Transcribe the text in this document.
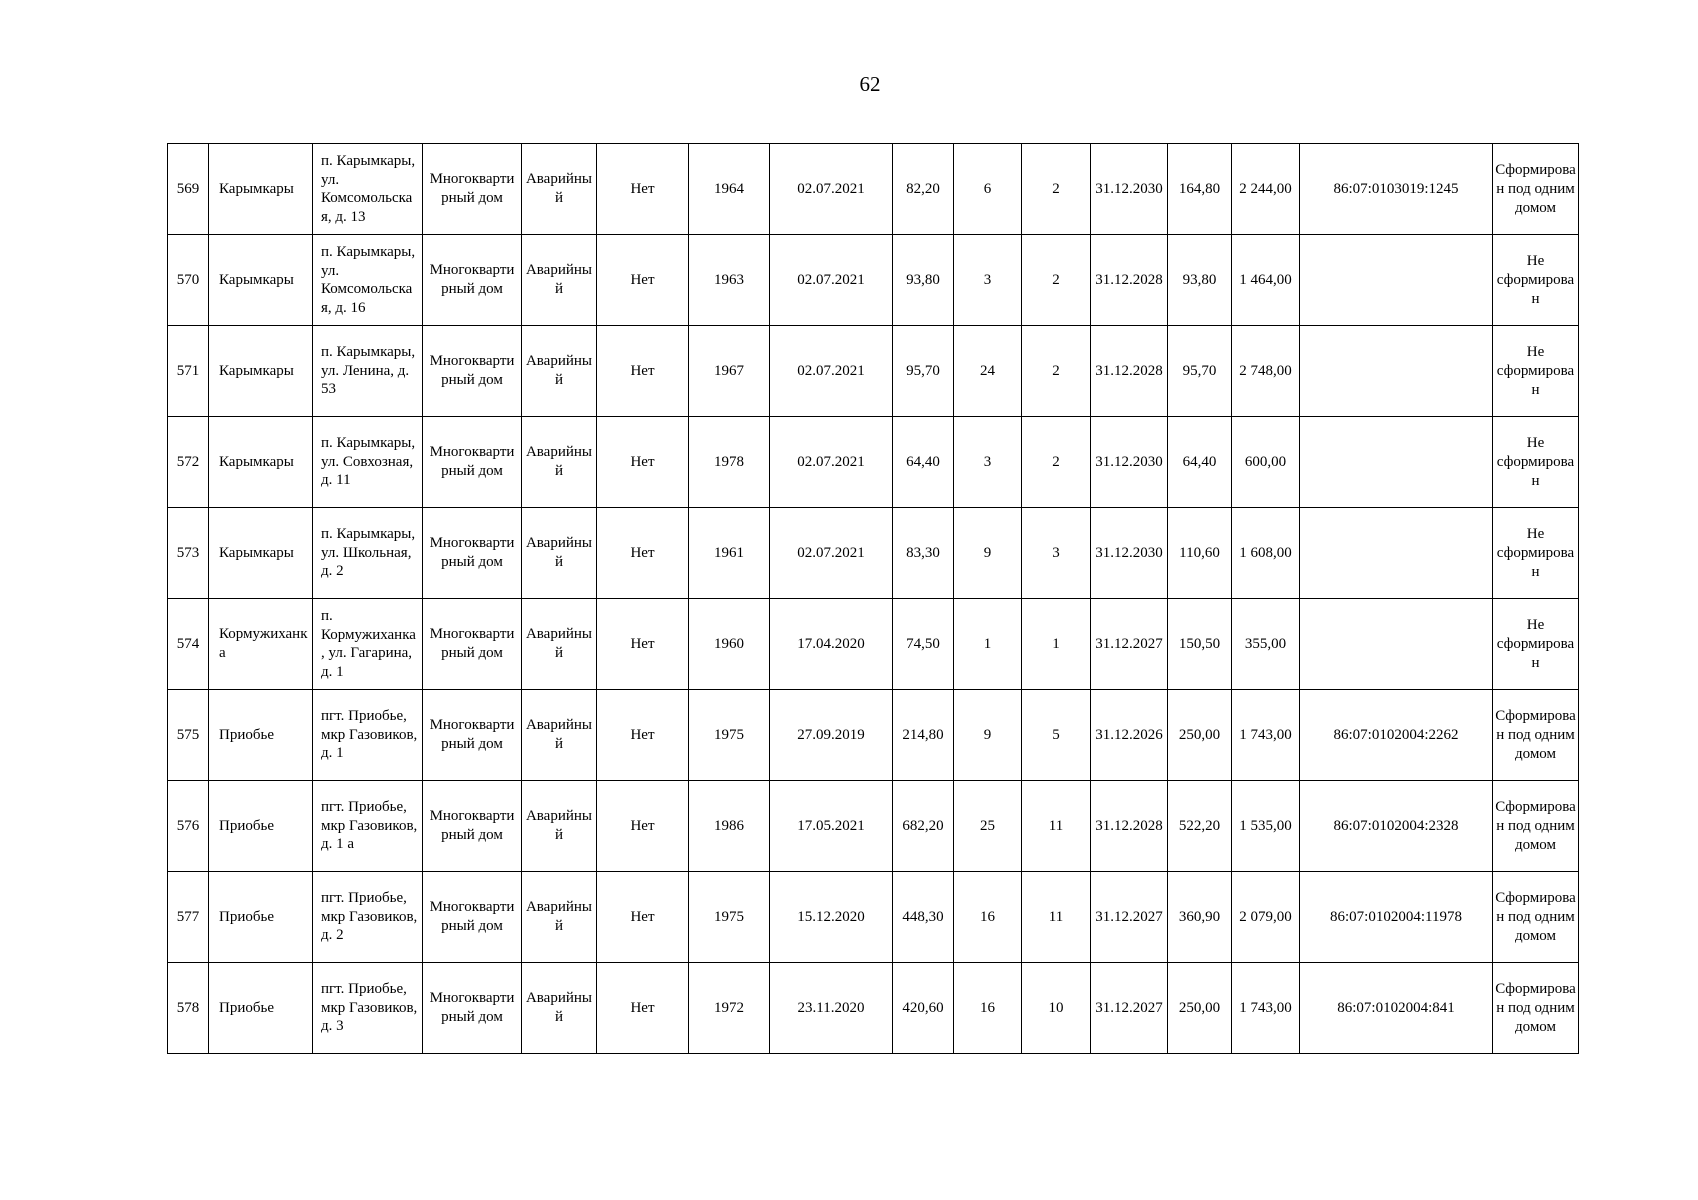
62
569	Карымкары	п. Карымкары, ул. Комсомольская, д. 13	Многоквартирный дом	Аварийный	Нет	1964	02.07.2021	82,20	6	2	31.12.2030	164,80	2 244,00	86:07:0103019:1245	Сформирован под одним домом

570	Карымкары	п. Карымкары, ул. Комсомольская, д. 16	Многоквартирный дом	Аварийный	Нет	1963	02.07.2021	93,80	3	2	31.12.2028	93,80	1 464,00		Не сформирован

571	Карымкары	п. Карымкары, ул. Ленина, д. 53	Многоквартирный дом	Аварийный	Нет	1967	02.07.2021	95,70	24	2	31.12.2028	95,70	2 748,00		Не сформирован

572	Карымкары	п. Карымкары, ул. Совхозная, д. 11	Многоквартирный дом	Аварийный	Нет	1978	02.07.2021	64,40	3	2	31.12.2030	64,40	600,00		Не сформирован

573	Карымкары	п. Карымкары, ул. Школьная, д. 2	Многоквартирный дом	Аварийный	Нет	1961	02.07.2021	83,30	9	3	31.12.2030	110,60	1 608,00		Не сформирован

574	Кормужиханка	п. Кормужиханка, ул. Гагарина, д. 1	Многоквартирный дом	Аварийный	Нет	1960	17.04.2020	74,50	1	1	31.12.2027	150,50	355,00		Не сформирован

575	Приобье	пгт. Приобье, мкр Газовиков, д. 1	Многоквартирный дом	Аварийный	Нет	1975	27.09.2019	214,80	9	5	31.12.2026	250,00	1 743,00	86:07:0102004:2262	Сформирован под одним домом

576	Приобье	пгт. Приобье, мкр Газовиков, д. 1 а	Многоквартирный дом	Аварийный	Нет	1986	17.05.2021	682,20	25	11	31.12.2028	522,20	1 535,00	86:07:0102004:2328	Сформирован под одним домом

577	Приобье	пгт. Приобье, мкр Газовиков, д. 2	Многоквартирный дом	Аварийный	Нет	1975	15.12.2020	448,30	16	11	31.12.2027	360,90	2 079,00	86:07:0102004:11978	Сформирован под одним домом

578	Приобье	пгт. Приобье, мкр Газовиков, д. 3	Многоквартирный дом	Аварийный	Нет	1972	23.11.2020	420,60	16	10	31.12.2027	250,00	1 743,00	86:07:0102004:841	Сформирован под одним домом
